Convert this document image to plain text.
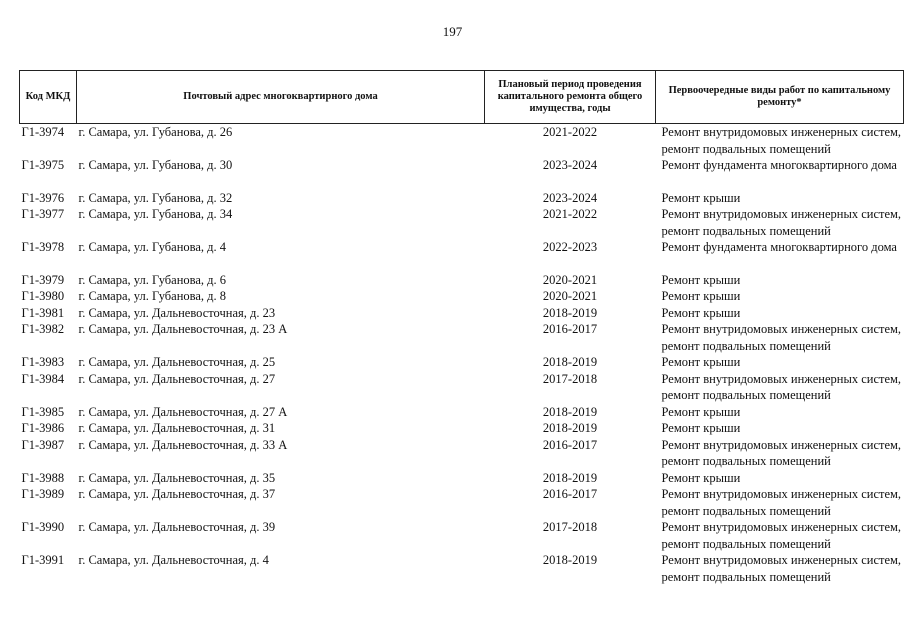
197
Код МКД	Почтовый адрес многоквартирного дома	Плановый период проведения капитального ремонта общего имущества, годы	Первоочередные виды работ по капитальному ремонту*
Г1-3974	г. Самара, ул. Губанова, д. 26	2021-2022	Ремонт внутридомовых инженерных систем, ремонт подвальных помещений
Г1-3975	г. Самара, ул. Губанова, д. 30	2023-2024	Ремонт фундамента многоквартирного дома
Г1-3976	г. Самара, ул. Губанова, д. 32	2023-2024	Ремонт крыши
Г1-3977	г. Самара, ул. Губанова, д. 34	2021-2022	Ремонт внутридомовых инженерных систем, ремонт подвальных помещений
Г1-3978	г. Самара, ул. Губанова, д. 4	2022-2023	Ремонт фундамента многоквартирного дома
Г1-3979	г. Самара, ул. Губанова, д. 6	2020-2021	Ремонт крыши
Г1-3980	г. Самара, ул. Губанова, д. 8	2020-2021	Ремонт крыши
Г1-3981	г. Самара, ул. Дальневосточная, д. 23	2018-2019	Ремонт крыши
Г1-3982	г. Самара, ул. Дальневосточная, д. 23 А	2016-2017	Ремонт внутридомовых инженерных систем, ремонт подвальных помещений
Г1-3983	г. Самара, ул. Дальневосточная, д. 25	2018-2019	Ремонт крыши
Г1-3984	г. Самара, ул. Дальневосточная, д. 27	2017-2018	Ремонт внутридомовых инженерных систем, ремонт подвальных помещений
Г1-3985	г. Самара, ул. Дальневосточная, д. 27 А	2018-2019	Ремонт крыши
Г1-3986	г. Самара, ул. Дальневосточная, д. 31	2018-2019	Ремонт крыши
Г1-3987	г. Самара, ул. Дальневосточная, д. 33 А	2016-2017	Ремонт внутридомовых инженерных систем, ремонт подвальных помещений
Г1-3988	г. Самара, ул. Дальневосточная, д. 35	2018-2019	Ремонт крыши
Г1-3989	г. Самара, ул. Дальневосточная, д. 37	2016-2017	Ремонт внутридомовых инженерных систем, ремонт подвальных помещений
Г1-3990	г. Самара, ул. Дальневосточная, д. 39	2017-2018	Ремонт внутридомовых инженерных систем, ремонт подвальных помещений
Г1-3991	г. Самара, ул. Дальневосточная, д. 4	2018-2019	Ремонт внутридомовых инженерных систем, ремонт подвальных помещений
